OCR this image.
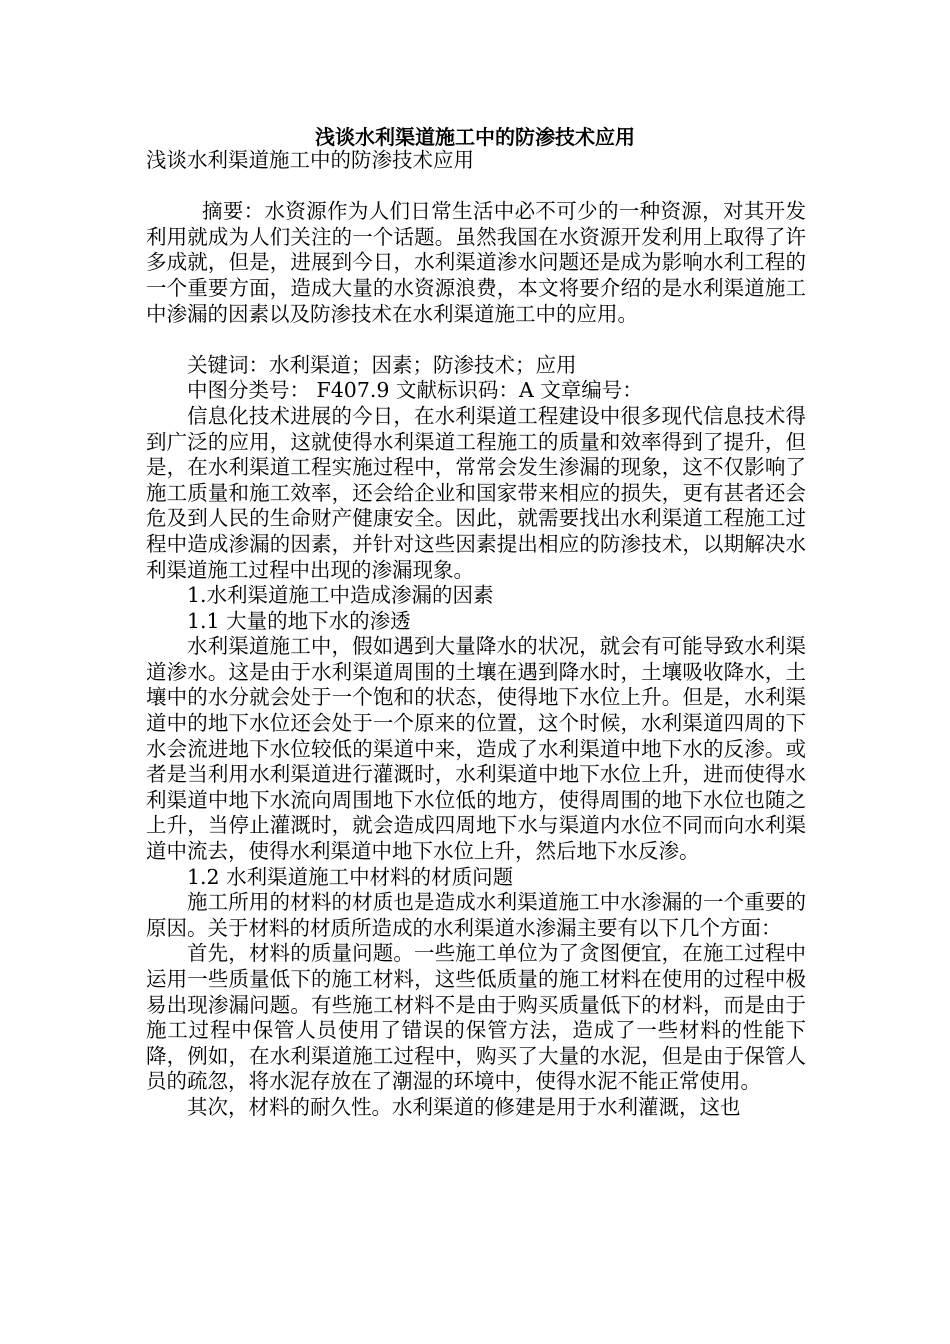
浅谈水利渠道施工中的防渗技术应用

浅谈水利渠道施工中的防渗技术应用

摘要：水资源作为人们日常生活中必不可少的一种资源，对其开发利用就成为人们关注的一个话题。虽然我国在水资源开发利用上取得了许多成就，但是，进展到今日，水利渠道渗水问题还是成为影响水利工程的一个重要方面，造成大量的水资源浪费，本文将要介绍的是水利渠道施工中渗漏的因素以及防渗技术在水利渠道施工中的应用。

关键词：水利渠道；因素；防渗技术；应用

中图分类号： F407.9 文献标识码：A 文章编号：

信息化技术进展的今日，在水利渠道工程建设中很多现代信息技术得到广泛的应用，这就使得水利渠道工程施工的质量和效率得到了提升，但是，在水利渠道工程实施过程中，常常会发生渗漏的现象，这不仅影响了施工质量和施工效率，还会给企业和国家带来相应的损失，更有甚者还会危及到人民的生命财产健康安全。因此，就需要找出水利渠道工程施工过程中造成渗漏的因素，并针对这些因素提出相应的防渗技术，以期解决水利渠道施工过程中出现的渗漏现象。

1.水利渠道施工中造成渗漏的因素

1.1 大量的地下水的渗透

水利渠道施工中，假如遇到大量降水的状况，就会有可能导致水利渠道渗水。这是由于水利渠道周围的土壤在遇到降水时，土壤吸收降水，土壤中的水分就会处于一个饱和的状态，使得地下水位上升。但是，水利渠道中的地下水位还会处于一个原来的位置，这个时候，水利渠道四周的下水会流进地下水位较低的渠道中来，造成了水利渠道中地下水的反渗。或者是当利用水利渠道进行灌溉时，水利渠道中地下水位上升，进而使得水利渠道中地下水流向周围地下水位低的地方，使得周围的地下水位也随之上升，当停止灌溉时，就会造成四周地下水与渠道内水位不同而向水利渠道中流去，使得水利渠道中地下水位上升，然后地下水反渗。

1.2 水利渠道施工中材料的材质问题

施工所用的材料的材质也是造成水利渠道施工中水渗漏的一个重要的原因。关于材料的材质所造成的水利渠道水渗漏主要有以下几个方面：

首先，材料的质量问题。一些施工单位为了贪图便宜，在施工过程中运用一些质量低下的施工材料，这些低质量的施工材料在使用的过程中极易出现渗漏问题。有些施工材料不是由于购买质量低下的材料，而是由于施工过程中保管人员使用了错误的保管方法，造成了一些材料的性能下降，例如，在水利渠道施工过程中，购买了大量的水泥，但是由于保管人员的疏忽，将水泥存放在了潮湿的环境中，使得水泥不能正常使用。

其次，材料的耐久性。水利渠道的修建是用于水利灌溉，这也
